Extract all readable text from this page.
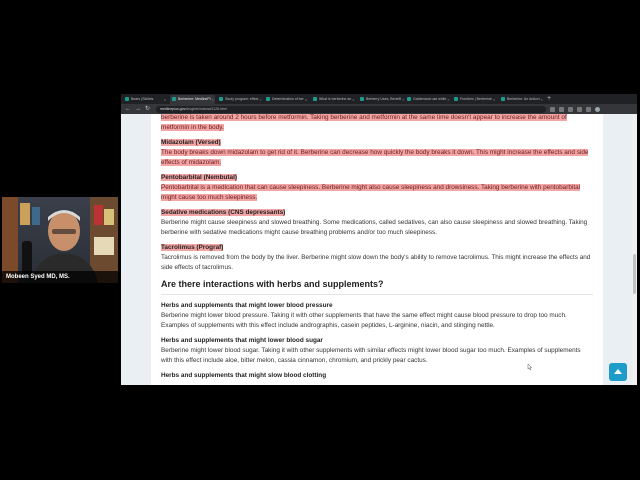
Bears (Skillets	×	Berberine: MedlinePl ×	Study program: effect ×	Determination of ber ×	What is berberine an ×	Berberry Uses, Benefit × Goldenseal use while ×	Frontiers | Berberine ×	Berberine: An Antioxi × +
← → ↻	medlineplus.gov /druginfo/natural/1126.html
berberine is taken around 2 hours before metformin. Taking berberine and metformin at the same time doesn't appear to increase the amount of metformin in the body.
Midazolam (Versed)
The body breaks down midazolam to get rid of it. Berberine can decrease how quickly the body breaks it down. This might increase the effects and side effects of midazolam.
Pentobarbital (Nembutal)
Pentobarbital is a medication that can cause sleepiness. Berberine might also cause sleepiness and drowsiness. Taking berberine with pentobarbital might cause too much sleepiness.
Sedative medications (CNS depressants)
Berberine might cause sleepiness and slowed breathing. Some medications, called sedatives, can also cause sleepiness and slowed breathing. Taking berberine with sedative medications might cause breathing problems and/or too much sleepiness.
Tacrolimus (Prograf)
Tacrolimus is removed from the body by the liver. Berberine might slow down the body's ability to remove tacrolimus. This might increase the effects and side effects of tacrolimus.
Are there interactions with herbs and supplements?
Herbs and supplements that might lower blood pressure
Berberine might lower blood pressure. Taking it with other supplements that have the same effect might cause blood pressure to drop too much. Examples of supplements with this effect include andrographis, casein peptides, L-arginine, niacin, and stinging nettle.
Herbs and supplements that might lower blood sugar
Berberine might lower blood sugar. Taking it with other supplements with similar effects might lower blood sugar too much. Examples of supplements with this effect include aloe, bitter melon, cassia cinnamon, chromium, and prickly pear cactus.
Herbs and supplements that might slow blood clotting
Mobeen Syed MD, MS.
